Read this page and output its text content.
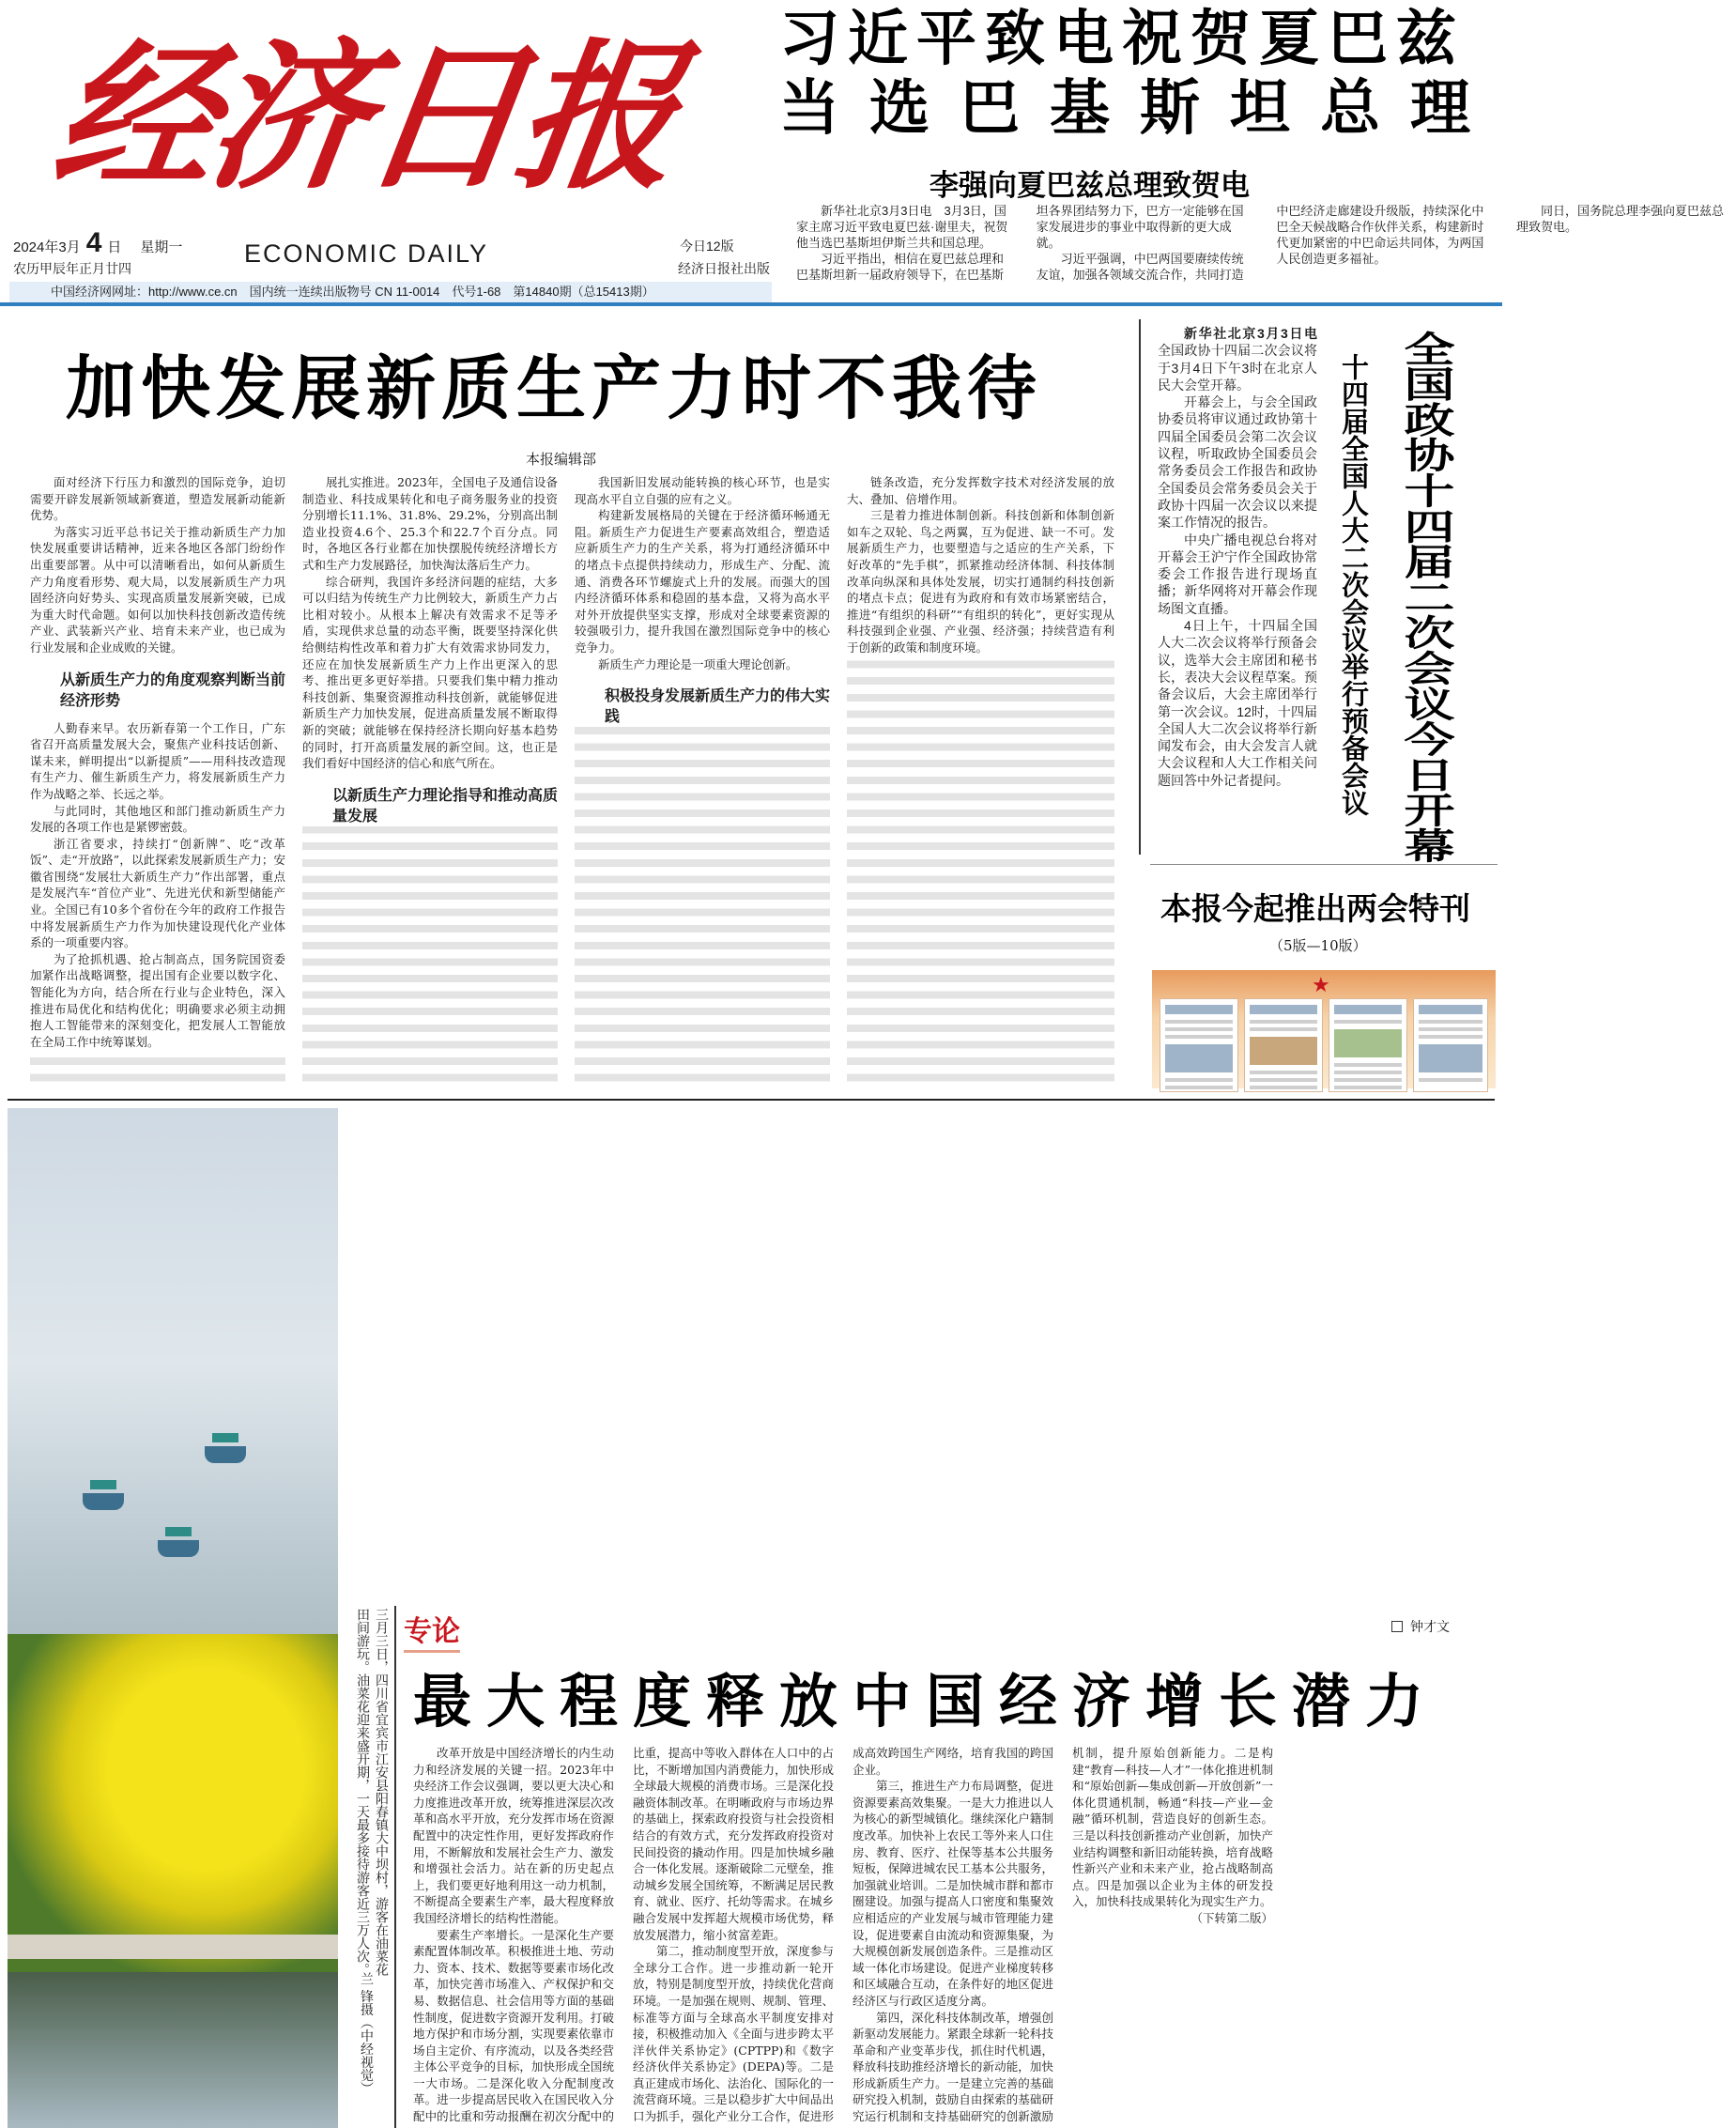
经济日报
2024年3月 4 日 星期一
农历甲辰年正月廿四
ECONOMIC DAILY	今日12版
经济日报社出版
中国经济网网址：http://www.ce.cn　国内统一连续出版物号 CN 11-0014　代号1-68　第14840期（总15413期）
习近平致电祝贺夏巴兹
当选巴基斯坦总理
李强向夏巴兹总理致贺电

新华社北京3月3日电　3月3日，国家主席习近平致电夏巴兹·谢里夫，祝贺他当选巴基斯坦伊斯兰共和国总理。

习近平指出，相信在夏巴兹总理和巴基斯坦新一届政府领导下，在巴基斯坦各界团结努力下，巴方一定能够在国家发展进步的事业中取得新的更大成就。

习近平强调，中巴两国要赓续传统友谊，加强各领域交流合作，共同打造中巴经济走廊建设升级版，持续深化中巴全天候战略合作伙伴关系，构建新时代更加紧密的中巴命运共同体，为两国人民创造更多福祉。

同日，国务院总理李强向夏巴兹总理致贺电。

加快发展新质生产力时不我待
本报编辑部

面对经济下行压力和激烈的国际竞争，迫切需要开辟发展新领域新赛道，塑造发展新动能新优势。

为落实习近平总书记关于推动新质生产力加快发展重要讲话精神，近来各地区各部门纷纷作出重要部署。从中可以清晰看出，如何从新质生产力角度看形势、观大局，以发展新质生产力巩固经济向好势头、实现高质量发展新突破，已成为重大时代命题。如何以加快科技创新改造传统产业、武装新兴产业、培育未来产业，也已成为行业发展和企业成败的关键。

从新质生产力的角度观察判断当前经济形势

人勤春来早。农历新春第一个工作日，广东省召开高质量发展大会，聚焦产业科技话创新、谋未来，鲜明提出“以新提质”——用科技改造现有生产力、催生新质生产力，将发展新质生产力作为战略之举、长远之举。

与此同时，其他地区和部门推动新质生产力发展的各项工作也是紧锣密鼓。

浙江省要求，持续打“创新牌”、吃“改革饭”、走“开放路”，以此探索发展新质生产力；安徽省围绕“发展壮大新质生产力”作出部署，重点是发展汽车“首位产业”、先进光伏和新型储能产业。全国已有10多个省份在今年的政府工作报告中将发展新质生产力作为加快建设现代化产业体系的一项重要内容。

为了抢抓机遇、抢占制高点，国务院国资委加紧作出战略调整，提出国有企业要以数字化、智能化为方向，结合所在行业与企业特色，深入推进布局优化和结构优化；明确要求必须主动拥抱人工智能带来的深刻变化，把发展人工智能放在全局工作中统筹谋划。

展扎实推进。2023年，全国电子及通信设备制造业、科技成果转化和电子商务服务业的投资分别增长11.1%、31.8%、29.2%，分别高出制造业投资4.6个、25.3个和22.7个百分点。同时，各地区各行业都在加快摆脱传统经济增长方式和生产力发展路径，加快淘汰落后生产力。

综合研判，我国许多经济问题的症结，大多可以归结为传统生产力比例较大，新质生产力占比相对较小。从根本上解决有效需求不足等矛盾，实现供求总量的动态平衡，既要坚持深化供给侧结构性改革和着力扩大有效需求协同发力，还应在加快发展新质生产力上作出更深入的思考、推出更多更好举措。只要我们集中精力推动科技创新、集聚资源推动科技创新，就能够促进新质生产力加快发展，促进高质量发展不断取得新的突破；就能够在保持经济长期向好基本趋势的同时，打开高质量发展的新空间。这，也正是我们看好中国经济的信心和底气所在。

以新质生产力理论指导和推动高质量发展

我国新旧发展动能转换的核心环节，也是实现高水平自立自强的应有之义。

构建新发展格局的关键在于经济循环畅通无阻。新质生产力促进生产要素高效组合，塑造适应新质生产力的生产关系，将为打通经济循环中的堵点卡点提供持续动力，形成生产、分配、流通、消费各环节螺旋式上升的发展。而强大的国内经济循环体系和稳固的基本盘，又将为高水平对外开放提供坚实支撑，形成对全球要素资源的较强吸引力，提升我国在激烈国际竞争中的核心竞争力。

新质生产力理论是一项重大理论创新。

积极投身发展新质生产力的伟大实践

链条改造，充分发挥数字技术对经济发展的放大、叠加、倍增作用。

三是着力推进体制创新。科技创新和体制创新如车之双轮、鸟之两翼，互为促进、缺一不可。发展新质生产力，也要塑造与之适应的生产关系，下好改革的“先手棋”，抓紧推动经济体制、科技体制改革向纵深和具体处发展，切实打通制约科技创新的堵点卡点；促进有为政府和有效市场紧密结合，推进“有组织的科研”“有组织的转化”，更好实现从科技强到企业强、产业强、经济强；持续营造有利于创新的政策和制度环境。

新华社北京3月3日电　全国政协十四届二次会议将于3月4日下午3时在北京人民大会堂开幕。

开幕会上，与会全国政协委员将审议通过政协第十四届全国委员会第二次会议议程，听取政协全国委员会常务委员会工作报告和政协全国委员会常务委员会关于政协十四届一次会议以来提案工作情况的报告。

中央广播电视总台将对开幕会王沪宁作全国政协常委会工作报告进行现场直播；新华网将对开幕会作现场图文直播。

4日上午，十四届全国人大二次会议将举行预备会议，选举大会主席团和秘书长，表决大会议程草案。预备会议后，大会主席团举行第一次会议。12时，十四届全国人大二次会议将举行新闻发布会，由大会发言人就大会议程和人大工作相关问题回答中外记者提问。	十四届全国人大二次会议举行预备会议 全国政协十四届二次会议今日开幕
本报今起推出两会特刊
（5版—10版）
★
三月三日，四川省宜宾市江安县阳春镇大中坝村，游客在油菜花田间游玩。油菜花迎来盛开期，一天最多接待游客近三万人次。
兰 锋摄（中经视觉）
专论	钟才文
最大程度释放中国经济增长潜力

改革开放是中国经济增长的内生动力和经济发展的关键一招。2023年中央经济工作会议强调，要以更大决心和力度推进改革开放，统筹推进深层次改革和高水平开放，充分发挥市场在资源配置中的决定性作用，更好发挥政府作用，不断解放和发展社会生产力、激发和增强社会活力。站在新的历史起点上，我们要更好地利用这一动力机制，不断提高全要素生产率，最大程度释放我国经济增长的结构性潜能。

要素生产率增长。一是深化生产要素配置体制改革。积极推进土地、劳动力、资本、技术、数据等要素市场化改革，加快完善市场准入、产权保护和交易、数据信息、社会信用等方面的基础性制度，促进数字资源开发利用。打破地方保护和市场分割，实现要素依靠市场自主定价、有序流动，以及各类经营主体公平竞争的目标，加快形成全国统一大市场。二是深化收入分配制度改革。进一步提高居民收入在国民收入分配中的比重和劳动报酬在初次分配中的比重，提高中等收入群体在人口中的占比，不断增加国内消费能力，加快形成全球最大规模的消费市场。三是深化投融资体制改革。在明晰政府与市场边界的基础上，探索政府投资与社会投资相结合的有效方式，充分发挥政府投资对民间投资的撬动作用。四是加快城乡融合一体化发展。逐渐破除二元壁垒，推动城乡发展全国统筹，不断满足居民教育、就业、医疗、托幼等需求。在城乡融合发展中发挥超大规模市场优势，释放发展潜力，缩小贫富差距。

第二，推动制度型开放，深度参与全球分工合作。进一步推动新一轮开放，特别是制度型开放，持续优化营商环境。一是加强在规则、规制、管理、标准等方面与全球高水平制度安排对接，积极推动加入《全面与进步跨太平洋伙伴关系协定》(CPTPP)和《数字经济伙伴关系协定》(DEPA)等。二是真正建成市场化、法治化、国际化的一流营商环境。三是以稳步扩大中间品出口为抓手，强化产业分工合作，促进形成高效跨国生产网络，培育我国的跨国企业。

第三，推进生产力布局调整，促进资源要素高效集聚。一是大力推进以人为核心的新型城镇化。继续深化户籍制度改革。加快补上农民工等外来人口住房、教育、医疗、社保等基本公共服务短板，保障进城农民工基本公共服务，加强就业培训。二是加快城市群和都市圈建设。加强与提高人口密度和集聚效应相适应的产业发展与城市管理能力建设，促进要素自由流动和资源集聚，为大规模创新发展创造条件。三是推动区域一体化市场建设。促进产业梯度转移和区域融合互动，在条件好的地区促进经济区与行政区适度分离。

第四，深化科技体制改革，增强创新驱动发展能力。紧跟全球新一轮科技革命和产业变革步伐，抓住时代机遇，释放科技助推经济增长的新动能，加快形成新质生产力。一是建立完善的基础研究投入机制，鼓励自由探索的基础研究运行机制和支持基础研究的创新激励机制，提升原始创新能力。二是构建“教育—科技—人才”一体化推进机制和“原始创新—集成创新—开放创新”一体化贯通机制，畅通“科技—产业—金融”循环机制，营造良好的创新生态。三是以科技创新推动产业创新，加快产业结构调整和新旧动能转换，培育战略性新兴产业和未来产业，抢占战略制高点。四是加强以企业为主体的研发投入，加快科技成果转化为现实生产力。

（下转第二版）
